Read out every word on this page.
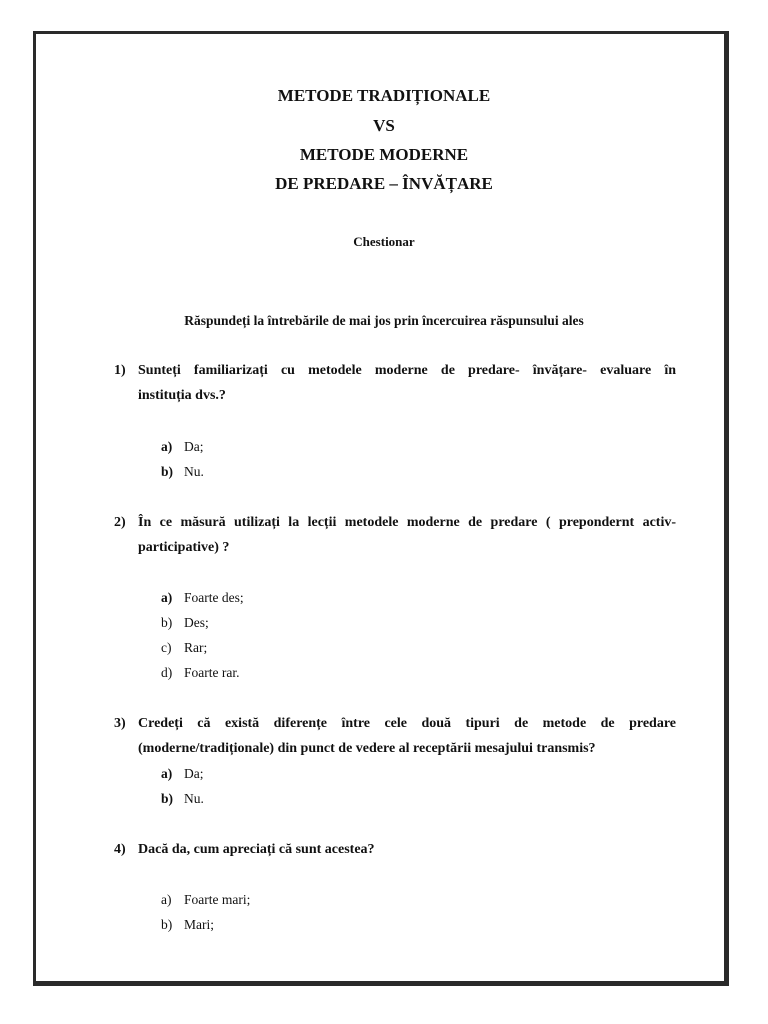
METODE TRADIȚIONALE
VS
METODE MODERNE
DE PREDARE – ÎNVĂȚARE
Chestionar
Răspundeți la întrebările de mai jos prin încercuirea răspunsului ales
1) Sunteți familiarizați cu metodele moderne de predare- învățare- evaluare în
instituția dvs.?
a) Da;
b) Nu.
2) În ce măsură utilizați la lecții metodele moderne de predare ( prepondernt activ-
participative) ?
a) Foarte des;
b) Des;
c) Rar;
d) Foarte rar.
3) Credeți că există diferențe între cele două tipuri de metode de predare
(moderne/tradiționale) din punct de vedere al receptării mesajului transmis?
a) Da;
b) Nu.
4) Dacă da, cum apreciați că sunt acestea?
a) Foarte mari;
b) Mari;
